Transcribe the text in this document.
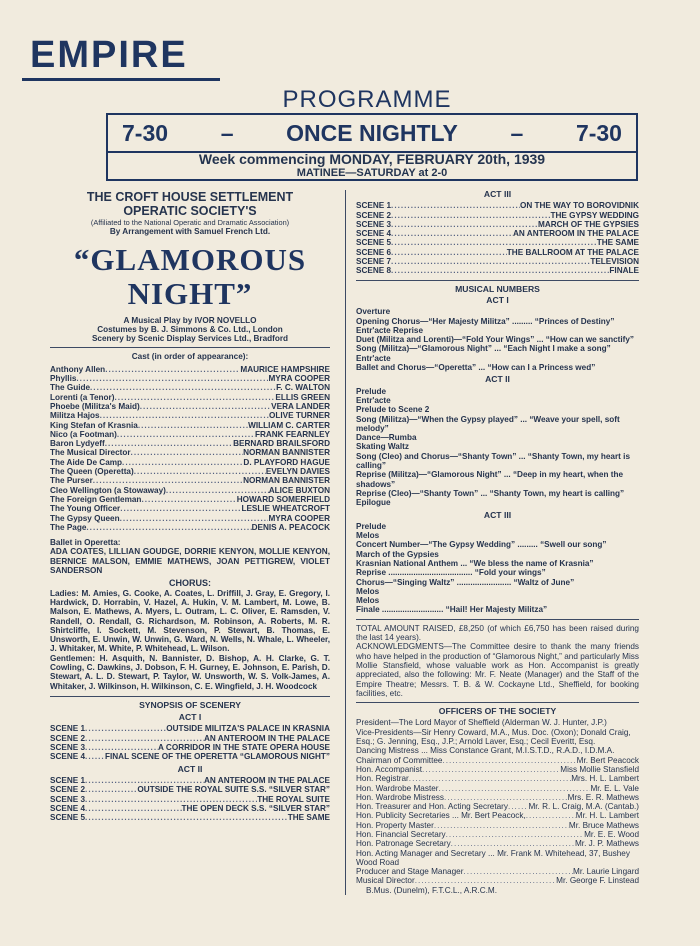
EMPIRE
PROGRAMME
7-30 – ONCE NIGHTLY – 7-30
Week commencing MONDAY, FEBRUARY 20th, 1939
MATINEE—SATURDAY at 2-0
THE CROFT HOUSE SETTLEMENT
OPERATIC SOCIETY'S
(Affiliated to the National Operatic and Dramatic Association)
By Arrangement with Samuel French Ltd.
“GLAMOROUS
NIGHT”
A Musical Play by IVOR NOVELLO
Costumes by B. J. Simmons & Co. Ltd., London
Scenery by Scenic Display Services Ltd., Bradford
Cast (in order of appearance):
Anthony Allen .....	MAURICE HAMPSHIRE
Phyllis .....	MYRA COOPER
The Guide .....	F. C. WALTON
Lorenti (a Tenor) .....	ELLIS GREEN
Phoebe (Militza's Maid) .....	VERA LANDER
Militza Hajos .....	OLIVE TURNER
King Stefan of Krasnia .....	WILLIAM C. CARTER
Nico (a Footman) .....	FRANK FEARNLEY
Baron Lydyeff .....	BERNARD BRAILSFORD
The Musical Director .....	NORMAN BANNISTER
The Aide De Camp .....	D. PLAYFORD HAGUE
The Queen (Operetta) .....	EVELYN DAVIES
The Purser .....	NORMAN BANNISTER
Cleo Wellington (a Stowaway) .....	ALICE BUXTON
The Foreign Gentleman .....	HOWARD SOMERFIELD
The Young Officer .....	LESLIE WHEATCROFT
The Gypsy Queen .....	MYRA COOPER
The Page .....	DENIS A. PEACOCK
Ballet in Operetta:

ADA COATES, LILLIAN GOUDGE, DORRIE KENYON, MOLLIE KENYON, BERNICE MALSON, EMMIE MATHEWS, JOAN PETTIGREW, VIOLET SANDERSON

CHORUS:

Ladies: M. Amies, G. Cooke, A. Coates, L. Driffill, J. Gray, E. Gregory, I. Hardwick, D. Horrabin, V. Hazel, A. Hukin, V. M. Lambert, M. Lowe, B. Malson, E. Mathews, A. Myers, L. Outram, L. C. Oliver, E. Ramsden, V. Randell, O. Rendall, G. Richardson, M. Robinson, A. Roberts, M. R. Shirtcliffe, I. Sockett, M. Stevenson, P. Stewart, B. Thomas, E. Unsworth, E. Unwin, W. Unwin, G. Ward, N. Wells, N. Whale, L. Wheeler, J. Whitaker, M. White, P. Whitehead, L. Wilson.

Gentlemen: H. Asquith, N. Bannister, D. Bishop, A. H. Clarke, G. T. Cowling, C. Dawkins, J. Dobson, F. H. Gurney, E. Johnson, E. Parish, D. Stewart, A. L. D. Stewart, P. Taylor, W. Unsworth, W. S. Volk-James, A. Whitaker, J. Wilkinson, H. Wilkinson, C. E. Wingfield, J. H. Woodcock

SYNOPSIS OF SCENERY
ACT I
SCENE 1 .....	OUTSIDE MILITZA'S PALACE IN KRASNIA
SCENE 2 .....	AN ANTEROOM IN THE PALACE
SCENE 3 .....	A CORRIDOR IN THE STATE OPERA HOUSE
SCENE 4 ..... FINAL SCENE OF THE OPERETTA “GLAMOROUS NIGHT”
ACT II
SCENE 1 .....	AN ANTEROOM IN THE PALACE
SCENE 2 .....	OUTSIDE THE ROYAL SUITE S.S. “SILVER STAR”
SCENE 3 .....	THE ROYAL SUITE
SCENE 4 .....	THE OPEN DECK S.S. “SILVER STAR”
SCENE 5 .....	THE SAME
ACT III
SCENE 1 .....	ON THE WAY TO BOROVIDNIK
SCENE 2 .....	THE GYPSY WEDDING
SCENE 3 .....	MARCH OF THE GYPSIES
SCENE 4 .....	AN ANTEROOM IN THE PALACE
SCENE 5 .....	THE SAME
SCENE 6 .....	THE BALLROOM AT THE PALACE
SCENE 7 .....	TELEVISION
SCENE 8 .....	FINALE
MUSICAL NUMBERS
ACT I

Overture

Opening Chorus—“Her Majesty Militza” ......... “Princes of Destiny”

Entr'acte Reprise

Duet (Militza and Lorenti)—“Fold Your Wings” ... “How can we sanctify”

Song (Militza)—“Glamorous Night” ... “Each Night I make a song”

Entr'acte

Ballet and Chorus—“Operetta” ... “How can I a Princess wed”

ACT II

Prelude

Entr'acte

Prelude to Scene 2

Song (Militza)—“When the Gypsy played” ... “Weave your spell, soft melody”

Dance—Rumba

Skating Waltz

Song (Cleo) and Chorus—“Shanty Town” ... “Shanty Town, my heart is calling”

Reprise (Militza)—“Glamorous Night” ... “Deep in my heart, when the shadows”

Reprise (Cleo)—“Shanty Town” ... “Shanty Town, my heart is calling”

Epilogue

ACT III

Prelude

Melos

Concert Number—“The Gypsy Wedding” ......... “Swell our song”

March of the Gypsies

Krasnian National Anthem ... “We bless the name of Krasnia”

Reprise ..................................... “Fold your wings”

Chorus—“Singing Waltz” ........................ “Waltz of June”

Melos

Melos

Finale ........................... “Hail! Her Majesty Militza”

TOTAL AMOUNT RAISED, £8,250 (of which £6,750 has been raised during the last 14 years).

ACKNOWLEDGMENTS—The Committee desire to thank the many friends who have helped in the production of “Glamorous Night,” and particularly Miss Mollie Stansfield, whose valuable work as Hon. Accompanist is greatly appreciated, also the following: Mr. F. Neate (Manager) and the Staff of the Empire Theatre; Messrs. T. B. & W. Cockayne Ltd., Sheffield, for booking facilities, etc.

OFFICERS OF THE SOCIETY

President—The Lord Mayor of Sheffield (Alderman W. J. Hunter, J.P.)

Vice-Presidents—Sir Henry Coward, M.A., Mus. Doc. (Oxon); Donald Craig, Esq.; G. Jenning, Esq., J.P.; Arnold Laver, Esq.; Cecil Everitt, Esq.

Dancing Mistress ... Miss Constance Grant, M.I.S.T.D., R.A.D., I.D.M.A.

Chairman of Committee .....	Mr. Bert Peacock
Hon. Accompanist .....	Miss Mollie Stansfield
Hon. Registrar .....	Mrs. H. L. Lambert
Hon. Wardrobe Master .....	Mr. E. L. Vale
Hon. Wardrobe Mistress .....	Mrs. E. R. Mathews
Hon. Treasurer and Hon. Acting Secretary ..... Mr. R. L. Craig, M.A. (Cantab.)
Hon. Publicity Secretaries ... Mr. Bert Peacock, .....	Mr. H. L. Lambert
Hon. Property Master .....	Mr. Bruce Mathews
Hon. Financial Secretary .....	Mr. E. E. Wood
Hon. Patronage Secretary .....	Mr. J. P. Mathews

Hon. Acting Manager and Secretary ... Mr. Frank M. Whitehead, 37, Bushey Wood Road

Producer and Stage Manager .....	Mr. Laurie Lingard
Musical Director .....	Mr. George F. Linstead

B.Mus. (Dunelm), F.T.C.L., A.R.C.M.
